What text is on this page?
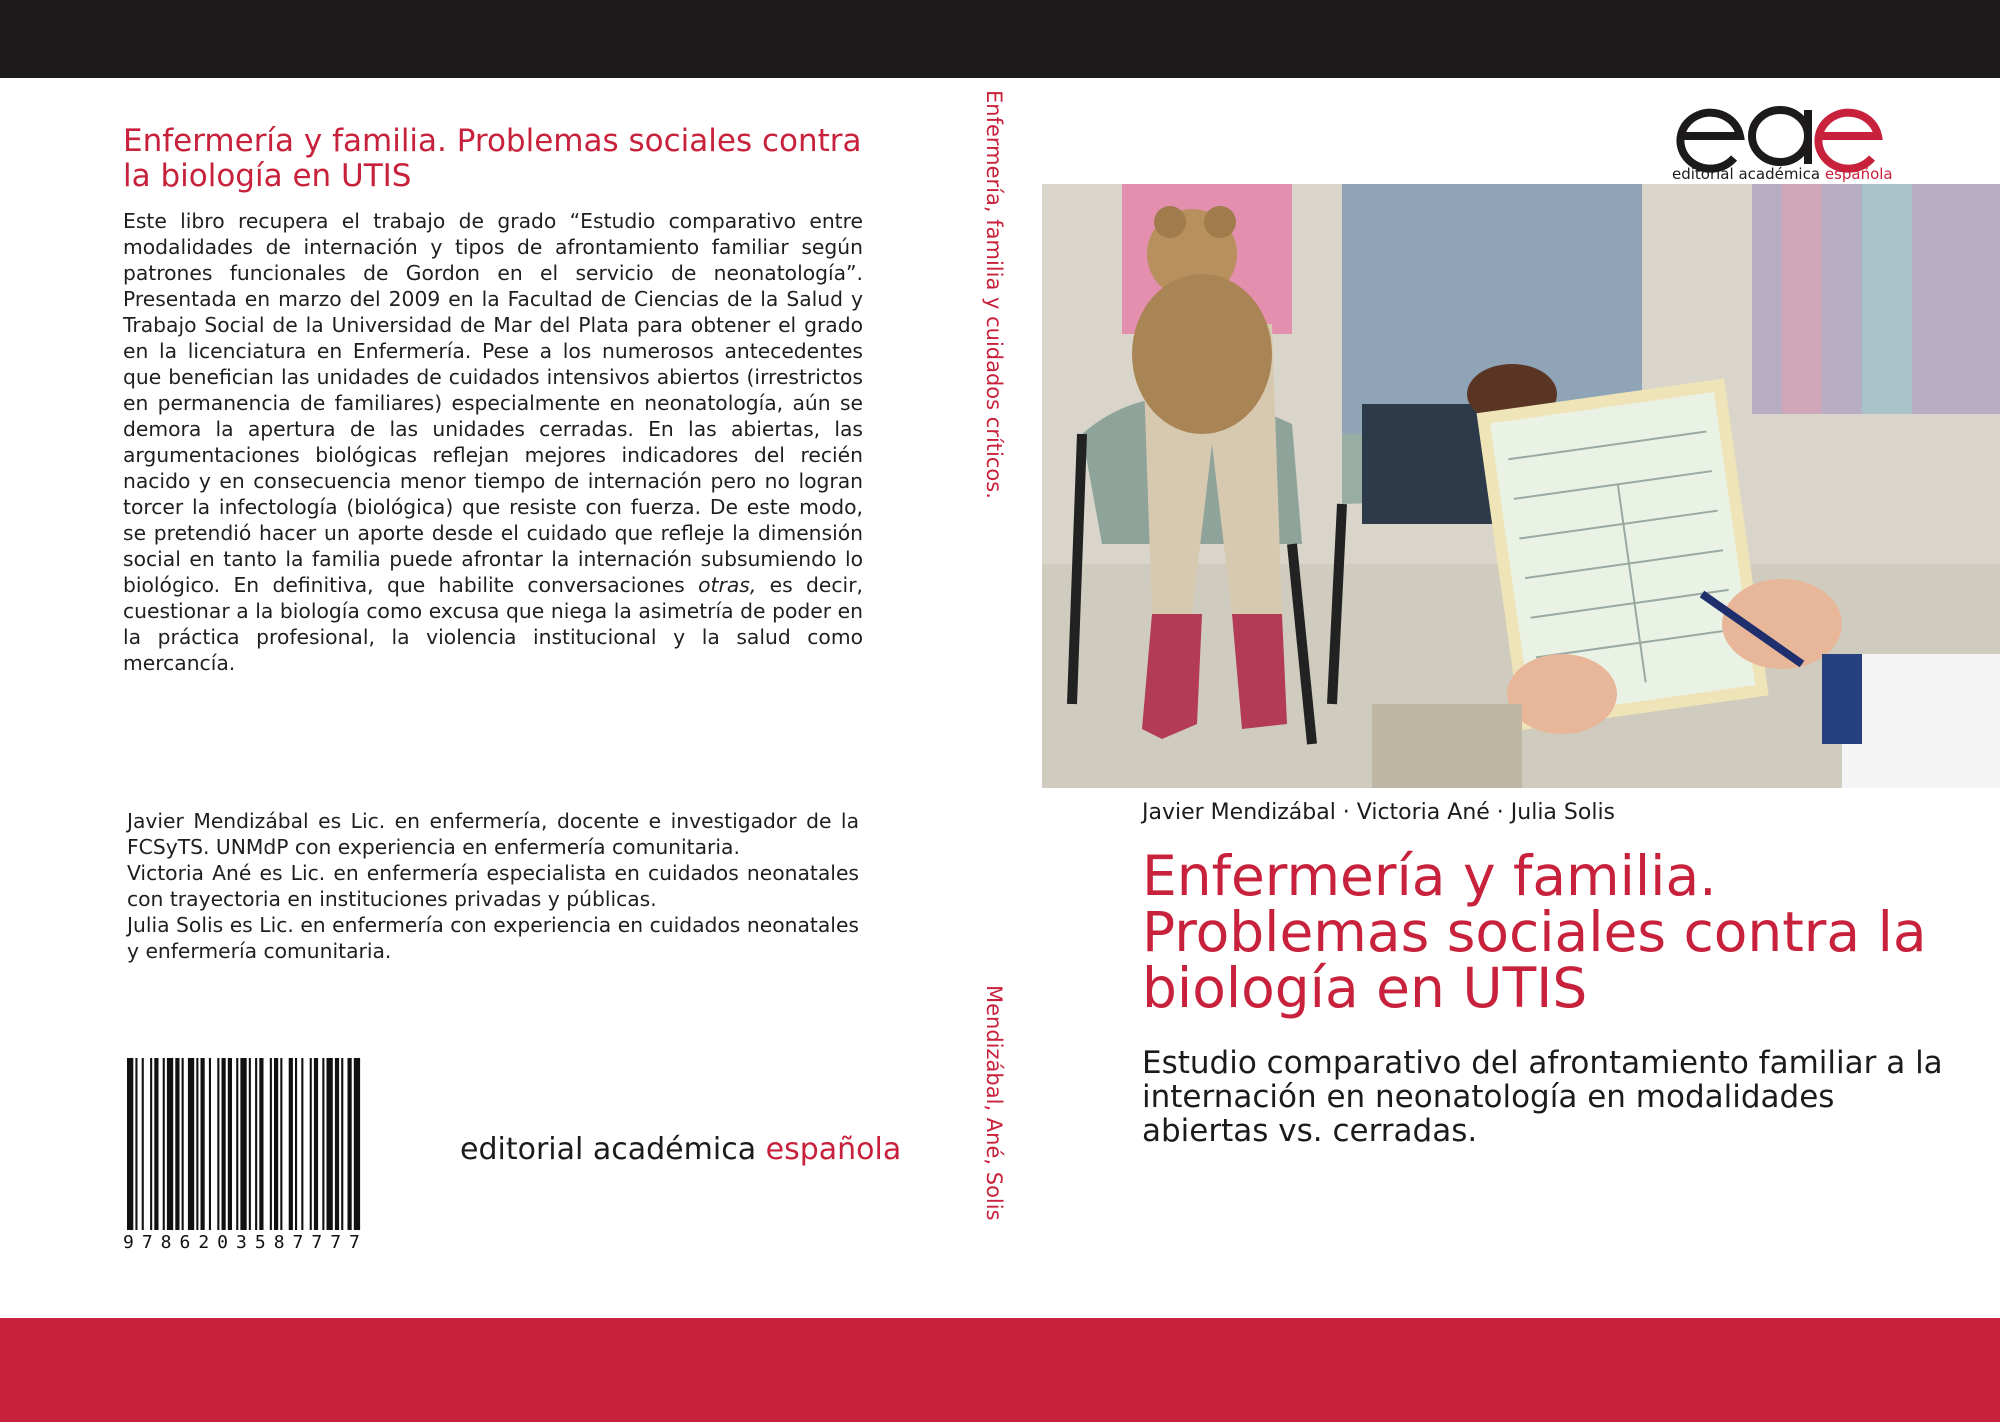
Enfermería y familia. Problemas sociales contra la biología en UTIS
Este libro recupera el trabajo de grado “Estudio comparativo entre modalidades de internación y tipos de afrontamiento familiar según patrones funcionales de Gordon en el servicio de neonatología”. Presentada en marzo del 2009 en la Facultad de Ciencias de la Salud y Trabajo Social de la Universidad de Mar del Plata para obtener el grado en la licenciatura en Enfermería. Pese a los numerosos antecedentes que benefician las unidades de cuidados intensivos abiertos (irrestrictos en permanencia de familiares) especialmente en neonatología, aún se demora la apertura de las unidades cerradas. En las abiertas, las argumentaciones biológicas reflejan mejores indicadores del recién nacido y en consecuencia menor tiempo de internación pero no logran torcer la infectología (biológica) que resiste con fuerza. De este modo, se pretendió hacer un aporte desde el cuidado que refleje la dimensión social en tanto la familia puede afrontar la internación subsumiendo lo biológico. En definitiva, que habilite conversaciones otras, es decir, cuestionar a la biología como excusa que niega la asimetría de poder en la práctica profesional, la violencia institucional y la salud como mercancía.

Javier Mendizábal es Lic. en enfermería, docente e investigador de la FCSyTS. UNMdP con experiencia en enfermería comunitaria.

Victoria Ané es Lic. en enfermería especialista en cuidados neonatales con trayectoria en instituciones privadas y públicas.

Julia Solis es Lic. en enfermería con experiencia en cuidados neonatales y enfermería comunitaria.

9786203587777
editorial académica española
Enfermería, familia y cuidados críticos.
Mendizábal, Ané, Solis
editorial académica española
Javier Mendizábal · Victoria Ané · Julia Solis
Enfermería y familia. Problemas sociales contra la biología en UTIS
Estudio comparativo del afrontamiento familiar a la internación en neonatología en modalidades abiertas vs. cerradas.
